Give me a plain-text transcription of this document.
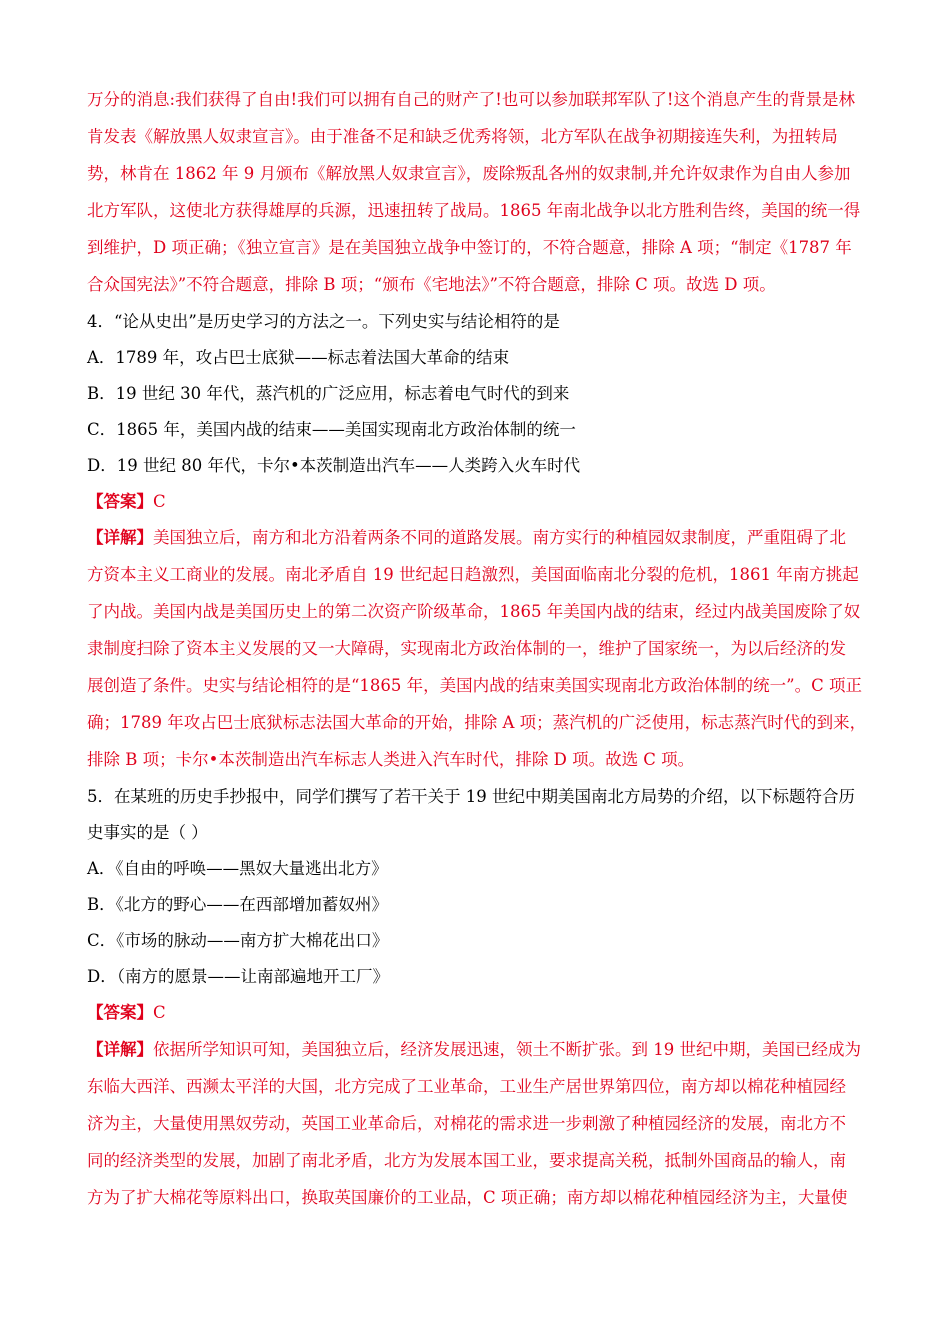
万分的消息:我们获得了自由!我们可以拥有自己的财产了!也可以参加联邦军队了!这个消息产生的背景是林
肯发表《解放黑人奴隶宣言》。由于准备不足和缺乏优秀将领，北方军队在战争初期接连失利，为扭转局
势，林肯在 1862 年 9 月颁布《解放黑人奴隶宣言》，废除叛乱各州的奴隶制,并允许奴隶作为自由人参加
北方军队，这使北方获得雄厚的兵源，迅速扭转了战局。1865 年南北战争以北方胜利告终，美国的统一得
到维护，D 项正确；《独立宣言》是在美国独立战争中签订的，不符合题意，排除 A 项；“制定《1787 年
合众国宪法》”不符合题意，排除 B 项；“颁布《宅地法》”不符合题意，排除 C 项。故选 D 项。
4．“论从史出”是历史学习的方法之一。下列史实与结论相符的是
A．1789 年，攻占巴士底狱——标志着法国大革命的结束
B．19 世纪 30 年代，蒸汽机的广泛应用，标志着电气时代的到来
C．1865 年，美国内战的结束——美国实现南北方政治体制的统一
D．19 世纪 80 年代，卡尔•本茨制造出汽车——人类跨入火车时代
【答案】C
【详解】美国独立后，南方和北方沿着两条不同的道路发展。南方实行的种植园奴隶制度，严重阻碍了北
方资本主义工商业的发展。南北矛盾自 19 世纪起日趋激烈，美国面临南北分裂的危机，1861 年南方挑起
了内战。美国内战是美国历史上的第二次资产阶级革命，1865 年美国内战的结束，经过内战美国废除了奴
隶制度扫除了资本主义发展的又一大障碍，实现南北方政治体制的一，维护了国家统一，为以后经济的发
展创造了条件。史实与结论相符的是“1865 年，美国内战的结束美国实现南北方政治体制的统一”。C 项正
确；1789 年攻占巴士底狱标志法国大革命的开始，排除 A 项；蒸汽机的广泛使用，标志蒸汽时代的到来，
排除 B 项；卡尔•本茨制造出汽车标志人类进入汽车时代，排除 D 项。故选 C 项。
5．在某班的历史手抄报中，同学们撰写了若干关于 19 世纪中期美国南北方局势的介绍，以下标题符合历
史事实的是（ ）
A．《自由的呼唤——黑奴大量逃出北方》
B．《北方的野心——在西部增加蓄奴州》
C．《市场的脉动——南方扩大棉花出口》
D．（南方的愿景——让南部遍地开工厂》
【答案】C
【详解】依据所学知识可知，美国独立后，经济发展迅速，领土不断扩张。到 19 世纪中期，美国已经成为
东临大西洋、西濒太平洋的大国，北方完成了工业革命，工业生产居世界第四位，南方却以棉花种植园经
济为主，大量使用黑奴劳动，英国工业革命后，对棉花的需求进一步刺激了种植园经济的发展，南北方不
同的经济类型的发展，加剧了南北矛盾，北方为发展本国工业，要求提高关税，抵制外国商品的输人，南
方为了扩大棉花等原料出口，换取英国廉价的工业品，C 项正确；南方却以棉花种植园经济为主，大量使
